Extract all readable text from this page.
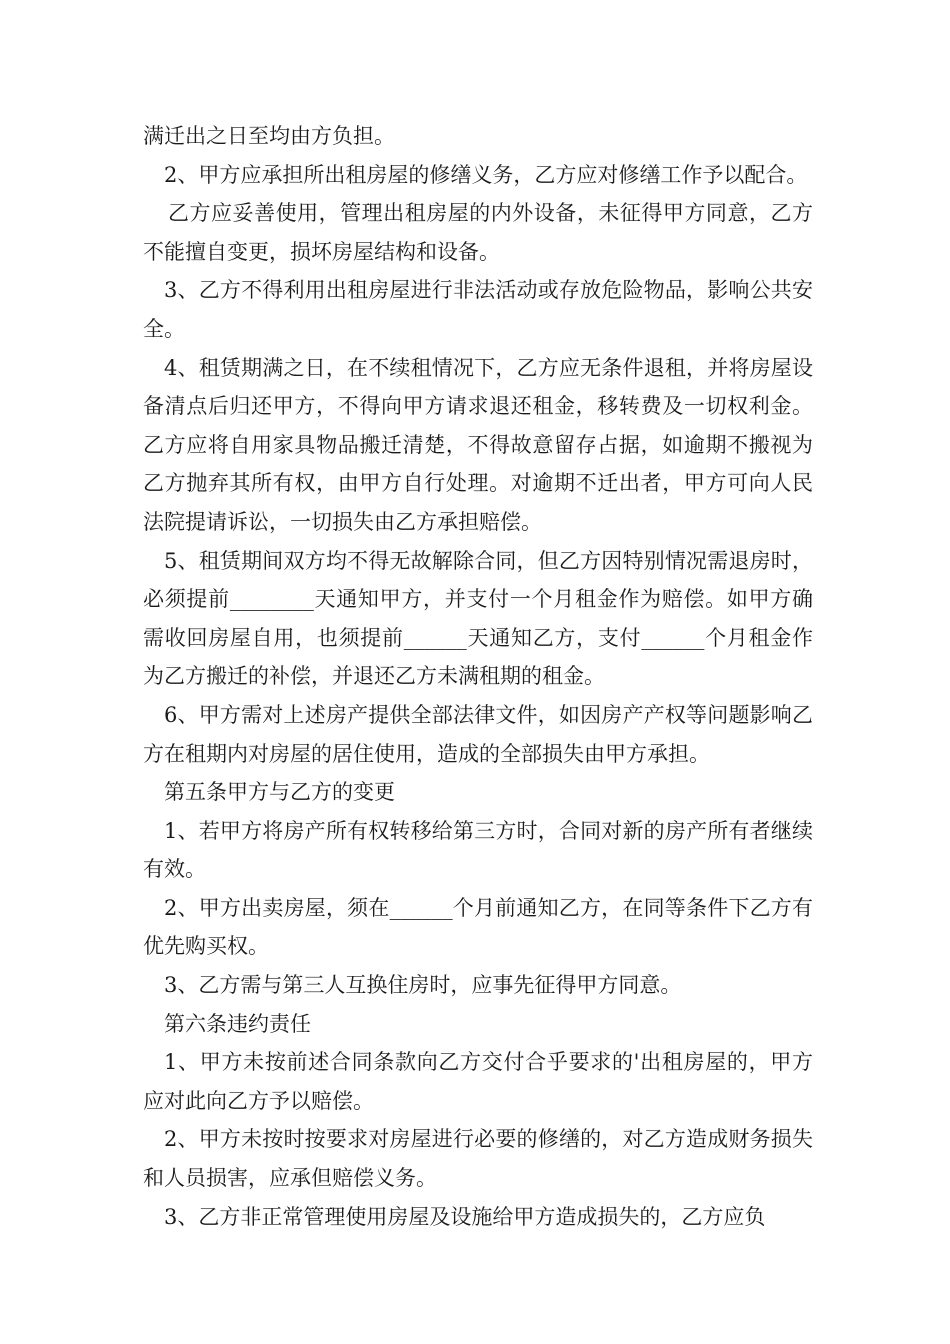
满迁出之日至均由方负担。

2、甲方应承担所出租房屋的修缮义务，乙方应对修缮工作予以配合。

乙方应妥善使用，管理出租房屋的内外设备，未征得甲方同意，乙方不能擅自变更，损坏房屋结构和设备。

3、乙方不得利用出租房屋进行非法活动或存放危险物品，影响公共安全。

4、租赁期满之日，在不续租情况下，乙方应无条件退租，并将房屋设备清点后归还甲方，不得向甲方请求退还租金，移转费及一切权利金。乙方应将自用家具物品搬迁清楚，不得故意留存占据，如逾期不搬视为乙方抛弃其所有权，由甲方自行处理。对逾期不迁出者，甲方可向人民法院提请诉讼，一切损失由乙方承担赔偿。

5、租赁期间双方均不得无故解除合同，但乙方因特别情况需退房时，必须提前________天通知甲方，并支付一个月租金作为赔偿。如甲方确需收回房屋自用，也须提前______天通知乙方，支付______个月租金作为乙方搬迁的补偿，并退还乙方未满租期的租金。

6、甲方需对上述房产提供全部法律文件，如因房产产权等问题影响乙方在租期内对房屋的居住使用，造成的全部损失由甲方承担。

第五条甲方与乙方的变更

1、若甲方将房产所有权转移给第三方时，合同对新的房产所有者继续有效。

2、甲方出卖房屋，须在______个月前通知乙方，在同等条件下乙方有优先购买权。

3、乙方需与第三人互换住房时，应事先征得甲方同意。

第六条违约责任

1、甲方未按前述合同条款向乙方交付合乎要求的'出租房屋的，甲方应对此向乙方予以赔偿。

2、甲方未按时按要求对房屋进行必要的修缮的，对乙方造成财务损失和人员损害，应承但赔偿义务。

3、乙方非正常管理使用房屋及设施给甲方造成损失的，乙方应负
